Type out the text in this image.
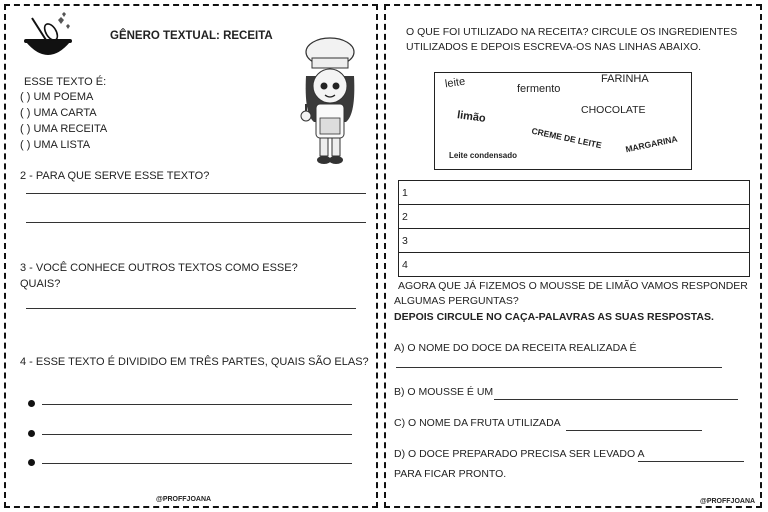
GÊNERO TEXTUAL: RECEITA
ESSE TEXTO É:
( ) UM POEMA
( ) UMA CARTA
( ) UMA RECEITA
( ) UMA LISTA
2 - PARA QUE SERVE ESSE TEXTO?
3 - VOCÊ CONHECE OUTROS TEXTOS COMO ESSE?
QUAIS?
4 - ESSE TEXTO É DIVIDIDO EM TRÊS PARTES, QUAIS SÃO ELAS?
@PROFFJOANA
O QUE FOI UTILIZADO NA RECEITA? CIRCULE OS INGREDIENTES
UTILIZADOS E DEPOIS ESCREVA-OS NAS LINHAS ABAIXO.
leite	fermento
FARINHA
limão	CHOCOLATE
CREME DE LEITE	MARGARINA
Leite condensado
1
2
3
4
AGORA QUE JÁ FIZEMOS O MOUSSE DE LIMÃO VAMOS RESPONDER
ALGUMAS PERGUNTAS?
DEPOIS CIRCULE NO CAÇA-PALAVRAS AS SUAS RESPOSTAS.
A) O NOME DO DOCE DA RECEITA REALIZADA É
B) O MOUSSE É UM
C) O NOME DA FRUTA UTILIZADA
D) O DOCE PREPARADO PRECISA SER LEVADO A
PARA FICAR PRONTO.
@PROFFJOANA
